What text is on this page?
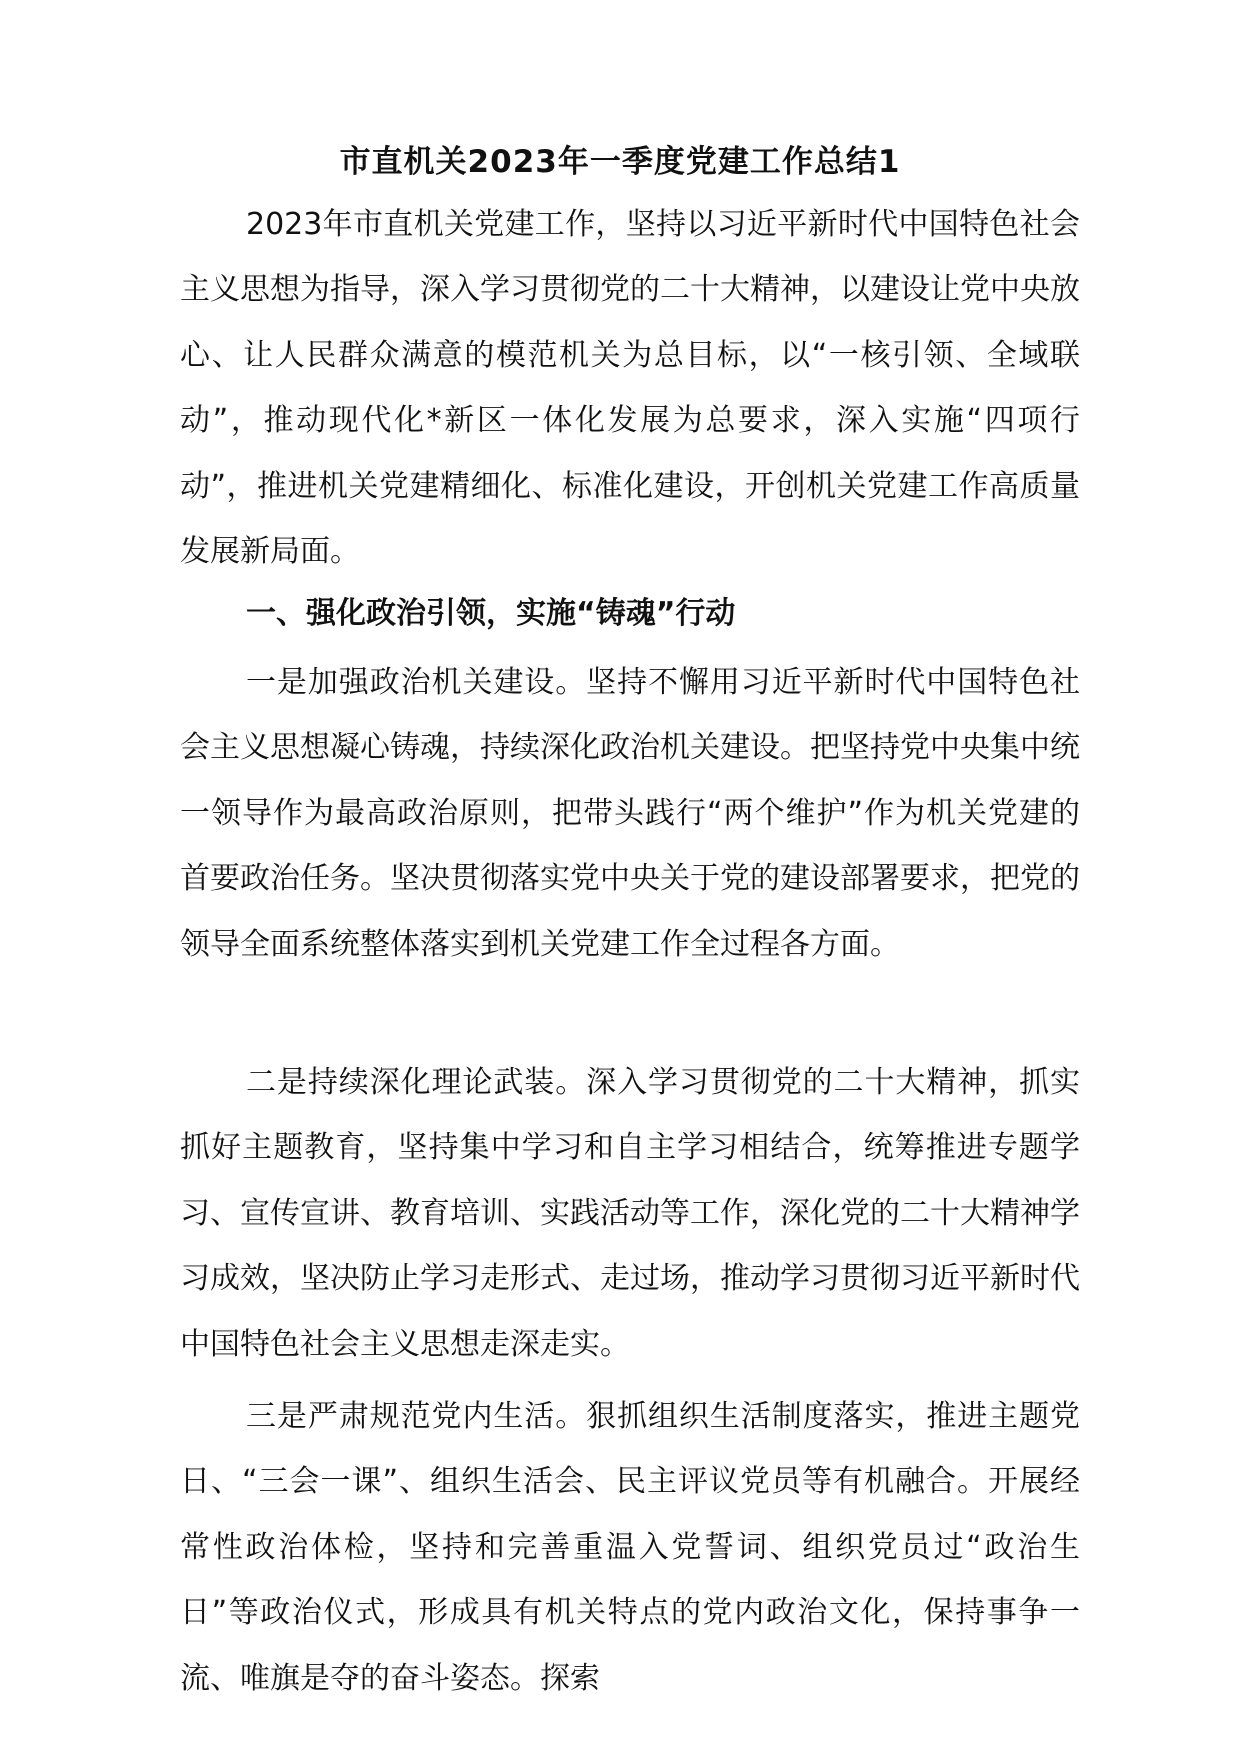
市直机关2023年一季度党建工作总结1

2023年市直机关党建工作，坚持以习近平新时代中国特色社会主义思想为指导，深入学习贯彻党的二十大精神，以建设让党中央放心、让人民群众满意的模范机关为总目标，以“一核引领、全域联动”，推动现代化*新区一体化发展为总要求，深入实施“四项行动”，推进机关党建精细化、标准化建设，开创机关党建工作高质量发展新局面。

一、强化政治引领，实施“铸魂”行动

一是加强政治机关建设。坚持不懈用习近平新时代中国特色社会主义思想凝心铸魂，持续深化政治机关建设。把坚持党中央集中统一领导作为最高政治原则，把带头践行“两个维护”作为机关党建的首要政治任务。坚决贯彻落实党中央关于党的建设部署要求，把党的领导全面系统整体落实到机关党建工作全过程各方面。

二是持续深化理论武装。深入学习贯彻党的二十大精神，抓实抓好主题教育，坚持集中学习和自主学习相结合，统筹推进专题学习、宣传宣讲、教育培训、实践活动等工作，深化党的二十大精神学习成效，坚决防止学习走形式、走过场，推动学习贯彻习近平新时代中国特色社会主义思想走深走实。

三是严肃规范党内生活。狠抓组织生活制度落实，推进主题党日、“三会一课”、组织生活会、民主评议党员等有机融合。开展经常性政治体检，坚持和完善重温入党誓词、组织党员过“政治生日”等政治仪式，形成具有机关特点的党内政治文化，保持事争一流、唯旗是夺的奋斗姿态。探索
